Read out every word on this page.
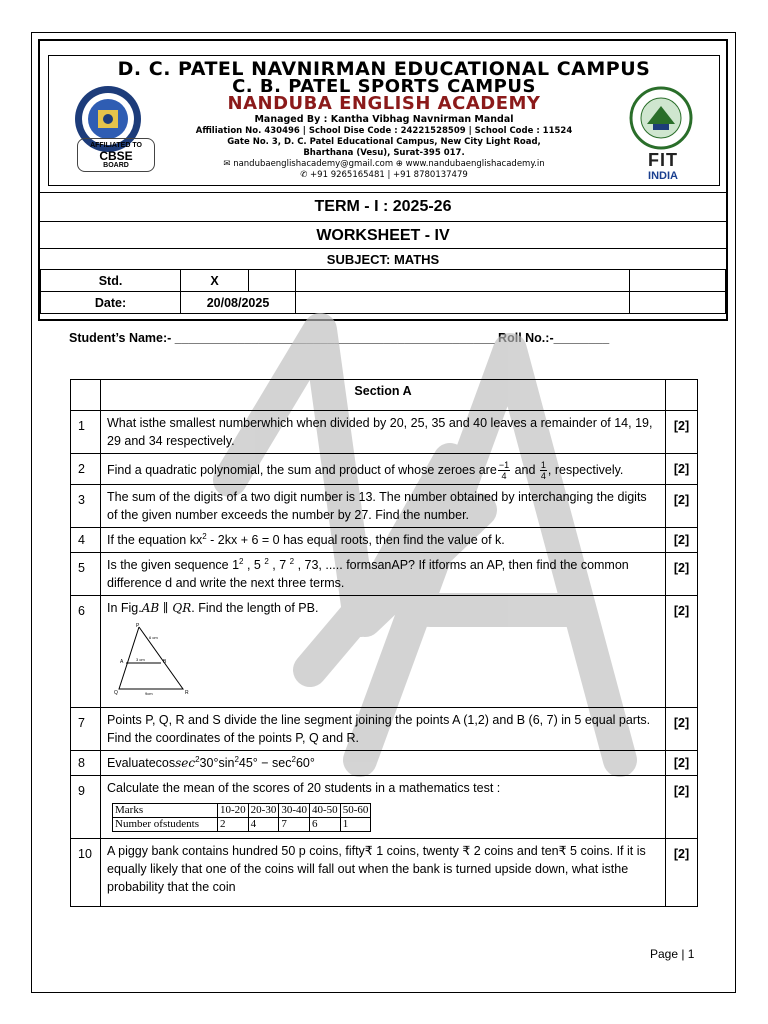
AFFILIATED TO
CBSE
BOARD
D. C. PATEL NAVNIRMAN EDUCATIONAL CAMPUS
C. B. PATEL SPORTS CAMPUS
NANDUBA ENGLISH ACADEMY
Managed By : Kantha Vibhag Navnirman Mandal
Affiliation No. 430496 | School Dise Code : 24221528509 | School Code : 11524
Gate No. 3, D. C. Patel Educational Campus, New City Light Road,
Bharthana (Vesu), Surat-395 017.
✉ nanduba​englishacademy@gmail.com ⊕ www.nanduba​englishacademy.in
✆ +91 9265165481 | +91 8780137479
FIT
INDIA
TERM - I : 2025-26
WORKSHEET - IV
SUBJECT: MATHS
Std.	X			
Date:	20/08/2025			
Student’s Name:- ______________________________________________ Roll No.:-________
NEA
	Section A	
1	What isthe smallest numberwhich when divided by 20, 25, 35 and 40 leaves a remainder of 14, 19, 29 and 34 respectively.	[2]
2	Find a quadratic polynomial, the sum and product of whose zeroes are $\frac{-1}{4}$ and $\frac{1}{4}$ , respectively.	[2]
3	The sum of the digits of a two digit number is 13. The number obtained by interchanging the digits of the given number exceeds the number by 27. Find the number.	[2]
4	If the equation $kx^2 - 2kx + 6 = 0$ has equal roots, then find the value of k.	[2]
5	Is the given sequence $1^2$ , 5 $^2$ , 7 $^2$ , 73, ..... formsanAP? If itforms an AP, then find the common difference d and write the next three terms.	[2]
6	In Fig.AB ∥ QR. Find the length of PB.
P
A	B
Q	R
3 cm
9cm
6 cm
	[2]
7	Points P, Q, R and S divide the line segment joining the points A (1,2) and B (6, 7) in 5 equal parts. Find the coordinates of the points P, Q and R.	[2]
8	$Evaluatecossec^230^\circ\sin^245^\circ - \sec^260^\circ$	[2]
9	Calculate the mean of the scores of 20 students in a mathematics test :
Marks	10-20	20-30	30-40	40-50	50-60
Number ofstudents	2	4	7	6	1
	[2]
10	A piggy bank contains hundred 50 p coins, fifty₹ 1 coins, twenty ₹ 2 coins and ten₹ 5 coins. If it is equally likely that one of the coins will fall out when the bank is turned upside down, what isthe probability that the coin	[2]
Page | 1
